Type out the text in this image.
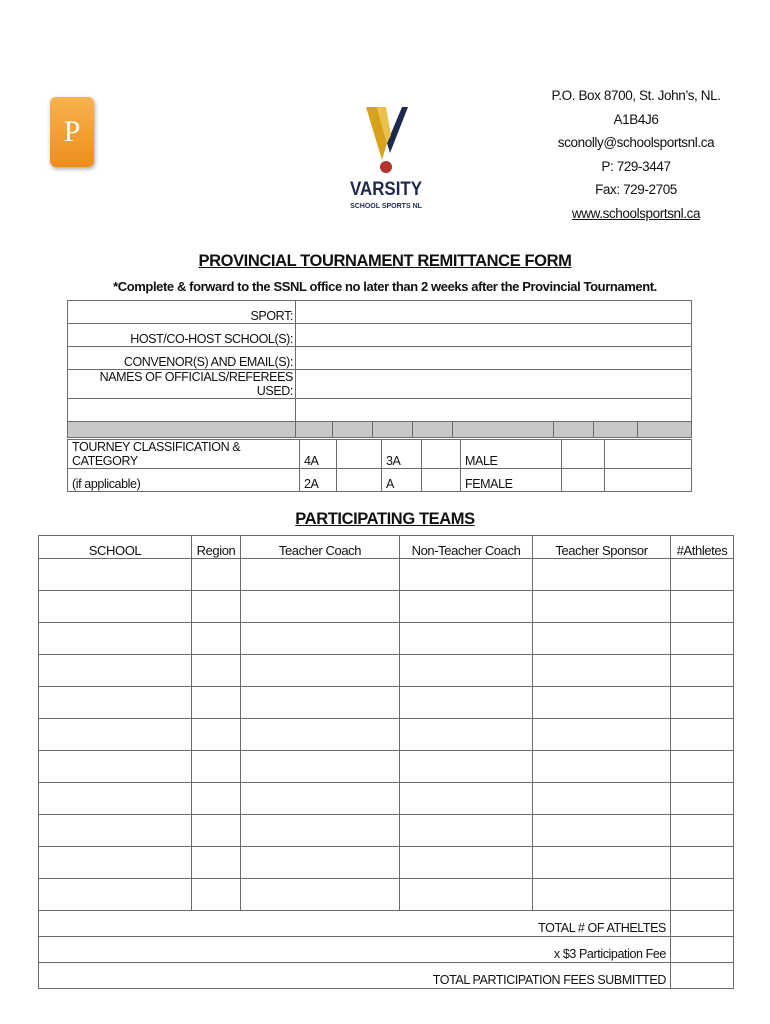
P
VARSITY
SCHOOL SPORTS NL
P.O. Box 8700, St. John’s, NL.
A1B4J6
sconolly@schoolsportsnl.ca
P: 729-3447
Fax: 729-2705
www.schoolsportsnl.ca
PROVINCIAL TOURNAMENT REMITTANCE FORM
*Complete & forward to the SSNL office no later than 2 weeks after the Provincial Tournament.
SPORT:								
HOST/CO-HOST SCHOOL(S):								
CONVENOR(S) AND EMAIL(S):								
NAMES OF OFFICIALS/REFEREES USED:								

TOURNEY CLASSIFICATION & CATEGORY	4A		3A		MALE		
(if applicable)	2A		A		FEMALE		
PARTICIPATING TEAMS
SCHOOL	Region	Teacher Coach	Non-Teacher Coach	Teacher Sponsor	#Athletes

TOTAL # OF ATHELTES					
x $3 Participation Fee					
TOTAL PARTICIPATION FEES SUBMITTED					
